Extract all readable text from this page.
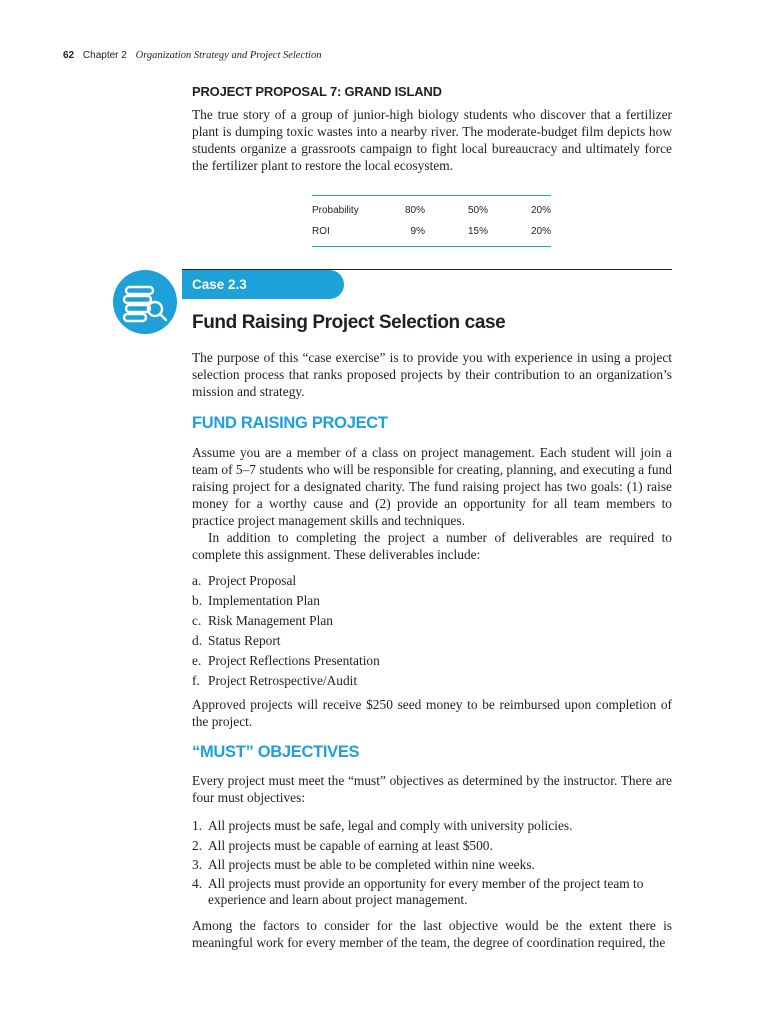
62 Chapter 2 Organization Strategy and Project Selection
PROJECT PROPOSAL 7: GRAND ISLAND

The true story of a group of junior-high biology students who discover that a fertilizer plant is dumping toxic wastes into a nearby river. The moderate-budget film depicts how students organize a grassroots campaign to fight local bureaucracy and ultimately force the fertilizer plant to restore the local ecosystem.

Probability	80%	50%	20%
ROI	9%	15%	20%
Case 2.3
Fund Raising Project Selection case

The purpose of this “case exercise” is to provide you with experience in using a project selection process that ranks proposed projects by their contribution to an organization’s mission and strategy.

FUND RAISING PROJECT

Assume you are a member of a class on project management. Each student will join a team of 5–7 students who will be responsible for creating, planning, and executing a fund raising project for a designated charity. The fund raising project has two goals: (1) raise money for a worthy cause and (2) provide an opportunity for all team members to practice project management skills and techniques.

In addition to completing the project a number of deliverables are required to complete this assignment. These deliverables include:

a. Project Proposal
b. Implementation Plan
c. Risk Management Plan
d. Status Report
e. Project Reflections Presentation
f. Project Retrospective/Audit

Approved projects will receive $250 seed money to be reimbursed upon completion of the project.

“MUST” OBJECTIVES

Every project must meet the “must” objectives as determined by the instructor. There are four must objectives:

1. All projects must be safe, legal and comply with university policies.
2. All projects must be capable of earning at least $500.
3. All projects must be able to be completed within nine weeks.
4. All projects must provide an opportunity for every member of the project team to experience and learn about project management.

Among the factors to consider for the last objective would be the extent there is meaningful work for every member of the team, the degree of coordination required, the
